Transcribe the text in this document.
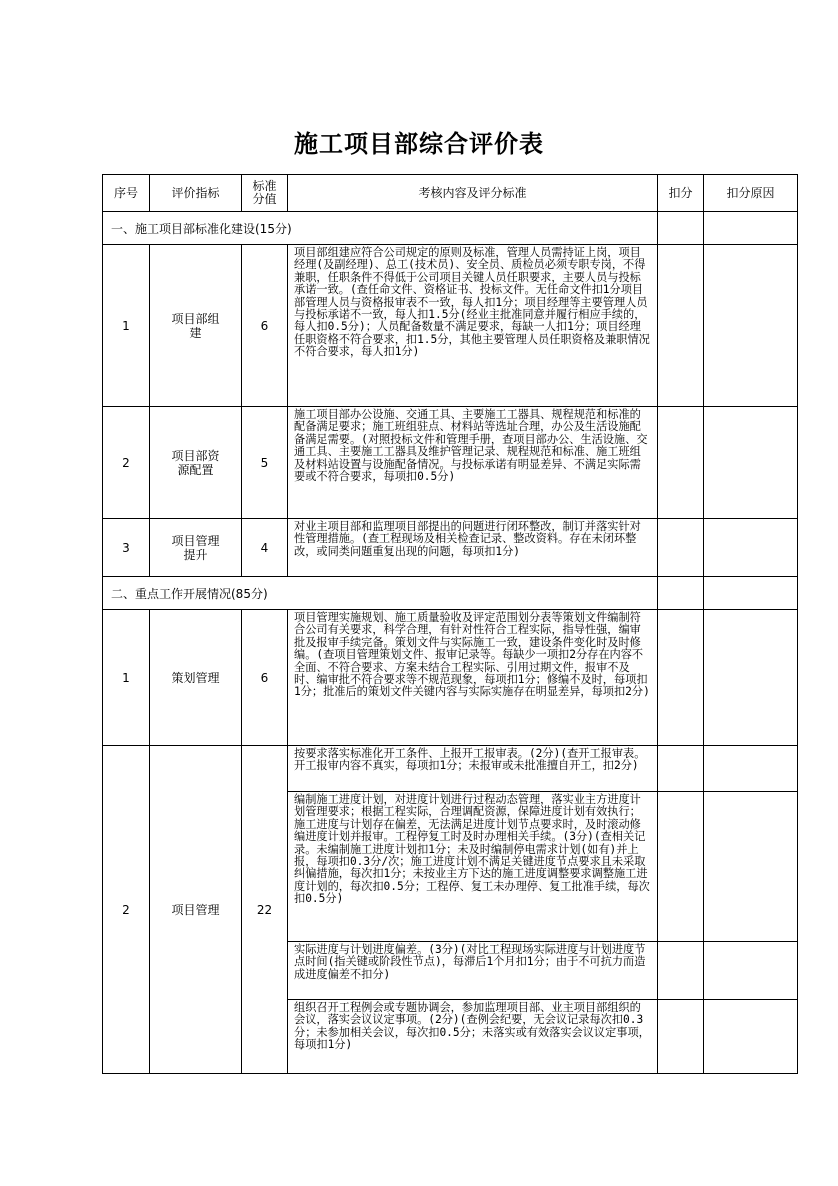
施工项目部综合评价表
序号	评价指标	标准分值	考核内容及评分标准	扣分	扣分原因
一、施工项目部标准化建设(15分)					
1	项目部组建	6	项目部组建应符合公司规定的原则及标准，管理人员需持证上岗，项目经理(及副经理)、总工(技术员)、安全员、质检员必须专职专岗，不得兼职，任职条件不得低于公司项目关键人员任职要求，主要人员与投标承诺一致。(查任命文件、资格证书、投标文件。无任命文件扣1分项目部管理人员与资格报审表不一致，每人扣1分；项目经理等主要管理人员与投标承诺不一致，每人扣1.5分(经业主批准同意并履行相应手续的，每人扣0.5分)；人员配备数量不满足要求，每缺一人扣1分；项目经理任职资格不符合要求，扣1.5分，其他主要管理人员任职资格及兼职情况不符合要求，每人扣1分)		

2	项目部资源配置	5	施工项目部办公设施、交通工具、主要施工工器具、规程规范和标准的配备满足要求；施工班组驻点、材料站等选址合理，办公及生活设施配备满足需要。(对照投标文件和管理手册，查项目部办公、生活设施、交通工具、主要施工工器具及维护管理记录、规程规范和标准、施工班组及材料站设置与设施配备情况。与投标承诺有明显差异、不满足实际需要或不符合要求，每项扣0.5分)		

3	项目管理提升	4	对业主项目部和监理项目部提出的问题进行闭环整改，制订并落实针对性管理措施。(查工程现场及相关检查记录、整改资料。存在未闭环整改，或同类问题重复出现的问题，每项扣1分)		

二、重点工作开展情况(85分)					
1	策划管理	6	项目管理实施规划、施工质量验收及评定范围划分表等策划文件编制符合公司有关要求，科学合理，有针对性符合工程实际，指导性强，编审批及报审手续完备。策划文件与实际施工一致，建设条件变化时及时修编。(查项目管理策划文件、报审记录等。每缺少一项扣2分存在内容不全面、不符合要求、方案未结合工程实际、引用过期文件，报审不及时、编审批不符合要求等不规范现象，每项扣1分；修编不及时，每项扣1分；批准后的策划文件关键内容与实际实施存在明显差异，每项扣2分)		

2	项目管理	22	按要求落实标准化开工条件、上报开工报审表。(2分)(查开工报审表。开工报审内容不真实，每项扣1分；未报审或未批准擅自开工，扣2分)		

			编制施工进度计划，对进度计划进行过程动态管理，落实业主方进度计划管理要求；根据工程实际，合理调配资源，保障进度计划有效执行；施工进度与计划存在偏差，无法满足进度计划节点要求时，及时滚动修编进度计划并报审。工程停复工时及时办理相关手续。(3分)(查相关记录。未编制施工进度计划扣1分；未及时编制停电需求计划(如有)并上报，每项扣0.3分/次；施工进度计划不满足关键进度节点要求且未采取纠偏措施，每次扣1分；未按业主方下达的施工进度调整要求调整施工进度计划的，每次扣0.5分；工程停、复工未办理停、复工批准手续，每次扣0.5分)		

			实际进度与计划进度偏差。(3分)(对比工程现场实际进度与计划进度节点时间(指关键或阶段性节点)，每滞后1个月扣1分；由于不可抗力而造成进度偏差不扣分)		

			组织召开工程例会或专题协调会，参加监理项目部、业主项目部组织的会议，落实会议议定事项。(2分)(查例会纪要，无会议记录每次扣0.3分；未参加相关会议，每次扣0.5分；未落实或有效落实会议议定事项，每项扣1分)		
